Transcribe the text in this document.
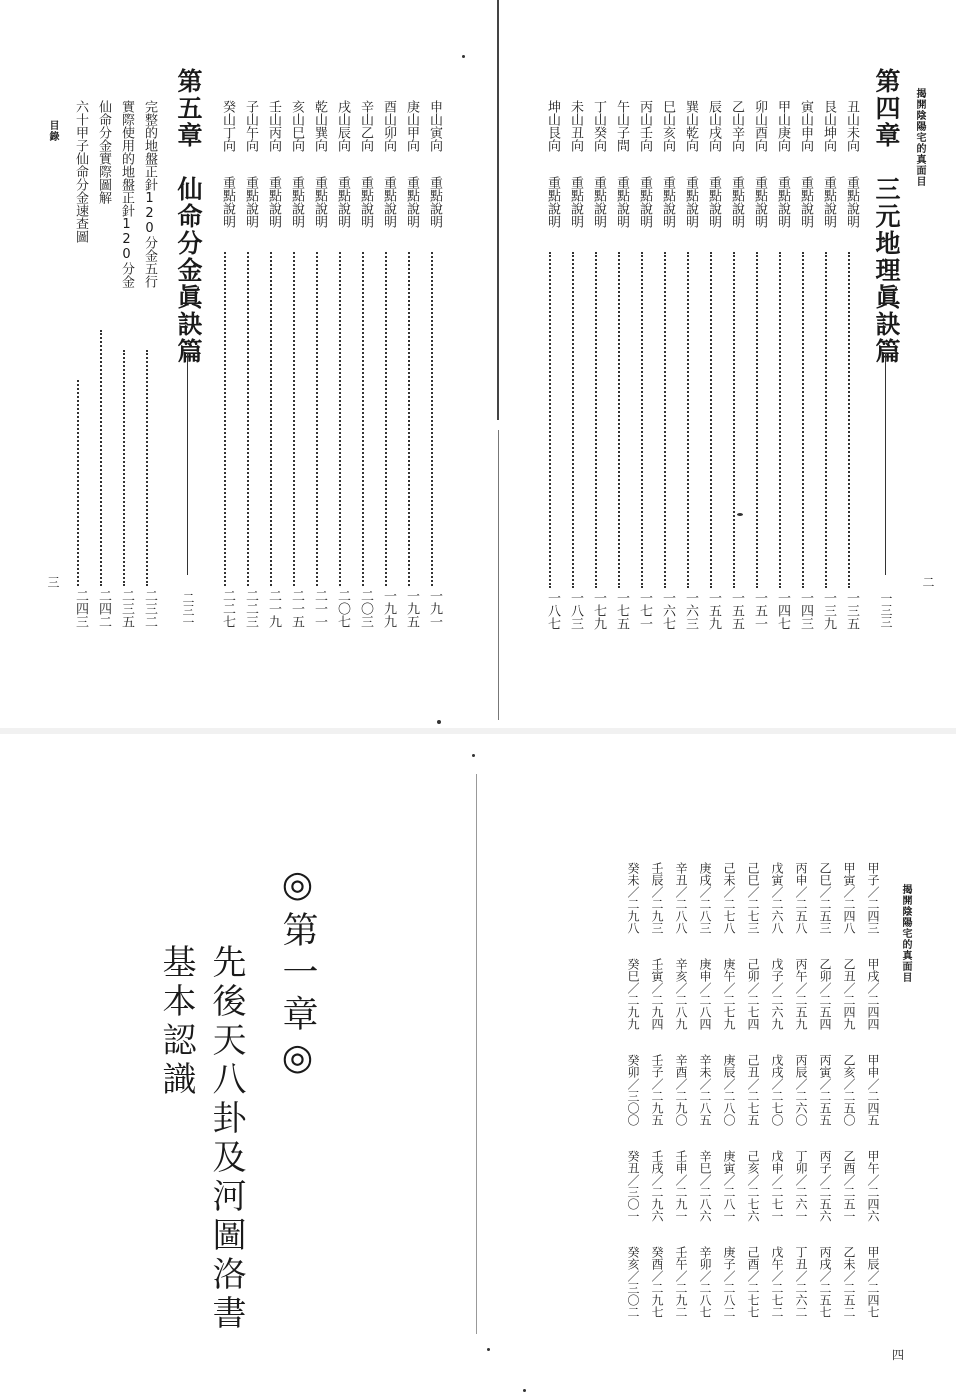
揭開陰陽宅的真面目
二
第四章　三元地理眞訣篇
一三三
丑山未向
重點說明
一三五
艮山坤向
重點說明
一三九
寅山申向
重點說明
一四三
甲山庚向
重點說明
一四七
卯山酉向
重點說明
一五一
乙山辛向
重點說明
一五五
辰山戌向
重點說明
一五九
巽山乾向
重點說明
一六三
巳山亥向
重點說明
一六七
丙山壬向
重點說明
一七一
午山子問
重點說明
一七五
丁山癸向
重點說明
一七九
未山丑向
重點說明
一八三
坤山艮向
重點說明
一八七
申山寅向
重點說明
一九一
庚山甲向
重點說明
一九五
酉山卯向
重點說明
一九九
辛山乙向
重點說明
二〇三
戌山辰向
重點說明
二〇七
乾山巽向
重點說明
二一一
亥山巳向
重點說明
二一五
壬山丙向
重點說明
二一九
子山午向
重點說明
二二三
癸山丁向
重點說明
二二七
第五章　仙命分金眞訣篇
二三一
完整的地盤正針120分金五行
二三二
實際使用的地盤正針120分金
二三五
仙命分金實際圖解
二四二
六十甲子仙命分金速查圖
二四三
目錄
三
揭開陰陽宅的真面目
四
甲子／二四三
甲戌／二四四
甲申／二四五
甲午／二四六
甲辰／二四七
甲寅／二四八
乙丑／二四九
乙亥／二五〇
乙酉／二五一
乙未／二五二
乙巳／二五三
乙卯／二五四
丙寅／二五五
丙子／二五六
丙戌／二五七
丙申／二五八
丙午／二五九
丙辰／二六〇
丁卯／二六一
丁丑／二六二
戊寅／二六八
戊子／二六九
戊戌／二七〇
戊申／二七一
戊午／二七二
己巳／二七三
己卯／二七四
己丑／二七五
己亥／二七六
己酉／二七七
己未／二七八
庚午／二七九
庚辰／二八〇
庚寅／二八一
庚子／二八二
庚戌／二八三
庚申／二八四
辛未／二八五
辛巳／二八六
辛卯／二八七
辛丑／二八八
辛亥／二八九
辛酉／二九〇
壬申／二九一
壬午／二九二
壬辰／二九三
壬寅／二九四
壬子／二九五
壬戌／二九六
癸酉／二九七
癸未／二九八
癸巳／二九九
癸卯／三〇〇
癸丑／三〇一
癸亥／三〇二
◎第一章◎
先後天八卦及河圖洛書
基本認識
